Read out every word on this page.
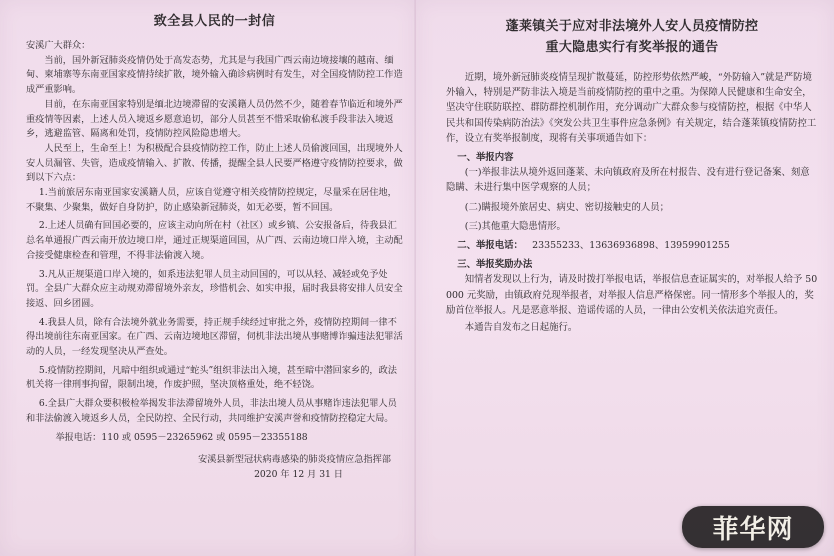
致全县人民的一封信
安溪广大群众：

当前，国外新冠肺炎疫情仍处于高发态势，尤其是与我国广西云南边境接壤的越南、缅甸、柬埔寨等东南亚国家疫情持续扩散，境外输入确诊病例时有发生，对全国疫情防控工作造成严重影响。

目前，在东南亚国家特别是缅北边境滞留的安溪籍人员仍然不少，随着春节临近和境外严重疫情等因素，上述人员入境返乡愿意追切，部分人员甚至不惜采取偷私渡手段非法入境返乡，逃避监管、隔离和处罚，疫情防控风险隐患增大。

人民至上，生命至上！为积极配合县疫情防控工作，防止上述人员偷渡回国，出现境外人安人员漏管、失管，造成疫情输入、扩散、传播，提醒全县人民要严格遵守疫情防控要求，做到以下六点：

1.当前旅居东南亚国家安溪籍人员，应该自觉遵守相关疫情防控规定，尽量采在居住地，不聚集、少聚集，做好自身防护，防止感染新冠肺炎，如无必要，暂不回国。
2.上述人员确有回国必要的，应该主动向所在村（社区）或乡镇、公安报备后，待我县汇总名单通报广西云南开放边境口岸，通过正规渠道回国，从广西、云南边境口岸入境，主动配合接受健康检查和管理，不得非法偷渡入境。
3.凡从正规渠道口岸入境的，如系违法犯罪人员主动回国的，可以从轻、减轻或免予处罚。全县广大群众应主动规劝滞留境外亲友，珍惜机会、如实申报，届时我县将安排人员安全接返、回乡团圆。
4.我县人员，除有合法境外就业务需要，持正规手续经过审批之外，疫情防控期间一律不得出境前往东南亚国家。在广西、云南边境地区滞留，伺机非法出境从事赌博诈骗违法犯罪活动的人员，一经发现坚决从严查处。
5.疫情防控期间，凡暗中组织或通过“蛇头”组织非法出入境，甚至暗中潜回家乡的，政法机关将一律刑事拘留，限制出境，作废护照，坚决顶格重处，绝不轻饶。
6.全县广大群众要积极检举揭发非法滞留境外人员，非法出境人员从事赌诈违法犯罪人员和非法偷渡入境返乡人员，全民防控、全民行动，共同维护安溪声誉和疫情防控稳定大局。
举报电话：110 或 0595－23265962 或 0595－23355188
安溪县新型冠状病毒感染的肺炎疫情应急指挥部
2020 年 12 月 31 日
蓬莱镇关于应对非法境外人安人员疫情防控
重大隐患实行有奖举报的通告

近期，境外新冠肺炎疫情呈现扩散蔓延，防控形势依然严峻，“外防输入”就是严防境外输入，特别是严防非法入境是当前疫情防控的重中之重。为保障人民健康和生命安全，坚决守住联防联控、群防群控机制作用，充分调动广大群众参与疫情防控，根据《中华人民共和国传染病防治法》《突发公共卫生事件应急条例》有关规定，结合蓬莱镇疫情防控工作，设立有奖举报制度，现将有关事项通告如下：

一、举报内容

(一)举报非法从境外返回蓬莱、未向镇政府及所在村报告、没有进行登记备案、刻意隐瞒、未进行集中医学观察的人员；

(二)瞒报境外旅居史、病史、密切接触史的人员；

(三)其他重大隐患情形。

二、举报电话： 23355233、13636936898、13959901255
三、举报奖励办法

知情者发现以上行为，请及时拨打举报电话，举报信息查证属实的，对举报人给予 50000 元奖励，由镇政府兑现举报者，对举报人信息严格保密。同一情形多个举报人的，奖励首位举报人。凡是恶意举报、造谣传谣的人员，一律由公安机关依法追究责任。

本通告自发布之日起施行。

菲华网
